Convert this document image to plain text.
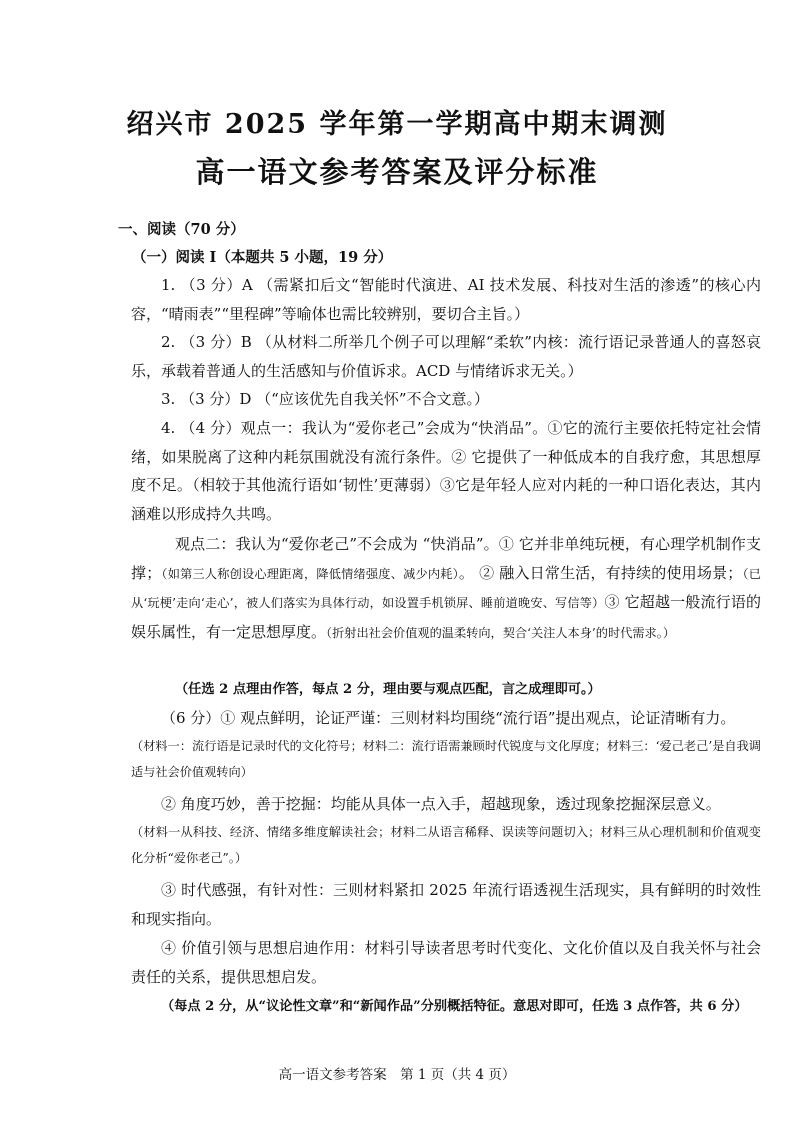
绍兴市 2025 学年第一学期高中期末调测
高一语文参考答案及评分标准
一、阅读（70 分）
（一）阅读 I（本题共 5 小题，19 分）
1. （3 分）A （需紧扣后文“智能时代演进、AI 技术发展、科技对生活的渗透”的核心内容，“晴雨表”“里程碑”等喻体也需比较辨别，要切合主旨。）
2. （3 分）B （从材料二所举几个例子可以理解“柔软”内核：流行语记录普通人的喜怒哀乐，承载着普通人的生活感知与价值诉求。ACD 与情绪诉求无关。）
3. （3 分）D （“应该优先自我关怀”不合文意。）
4. （4 分）观点一：我认为“爱你老己”会成为“快消品”。①它的流行主要依托特定社会情绪，如果脱离了这种内耗氛围就没有流行条件。② 它提供了一种低成本的自我疗愈，其思想厚度不足。（相较于其他流行语如‘韧性’更薄弱）③它是年轻人应对内耗的一种口语化表达，其内涵难以形成持久共鸣。
观点二：我认为“爱你老己”不会成为 “快消品”。① 它并非单纯玩梗，有心理学机制作支撑；（如第三人称创设心理距离，降低情绪强度、减少内耗）。 ② 融入日常生活，有持续的使用场景；（已从‘玩梗’走向‘走心’，被人们落实为具体行动，如设置手机锁屏、睡前道晚安、写信等）③ 它超越一般流行语的娱乐属性，有一定思想厚度。（折射出社会价值观的温柔转向，契合‘关注人本身’的时代需求。）
（任选 2 点理由作答，每点 2 分，理由要与观点匹配，言之成理即可。）
（6 分）① 观点鲜明，论证严谨：三则材料均围绕“流行语”提出观点，论证清晰有力。
（材料一：流行语是记录时代的文化符号；材料二：流行语需兼顾时代锐度与文化厚度；材料三：‘爱己老己’是自我调适与社会价值观转向）
② 角度巧妙，善于挖掘：均能从具体一点入手，超越现象，透过现象挖掘深层意义。
（材料一从科技、经济、情绪多维度解读社会；材料二从语言稀释、误读等问题切入；材料三从心理机制和价值观变化分析“爱你老己”。）
③ 时代感强，有针对性：三则材料紧扣 2025 年流行语透视生活现实，具有鲜明的时效性和现实指向。
④ 价值引领与思想启迪作用：材料引导读者思考时代变化、文化价值以及自我关怀与社会责任的关系，提供思想启发。
（每点 2 分，从“议论性文章”和“新闻作品”分别概括特征。意思对即可，任选 3 点作答，共 6 分）
高一语文参考答案　第 1 页（共 4 页）
